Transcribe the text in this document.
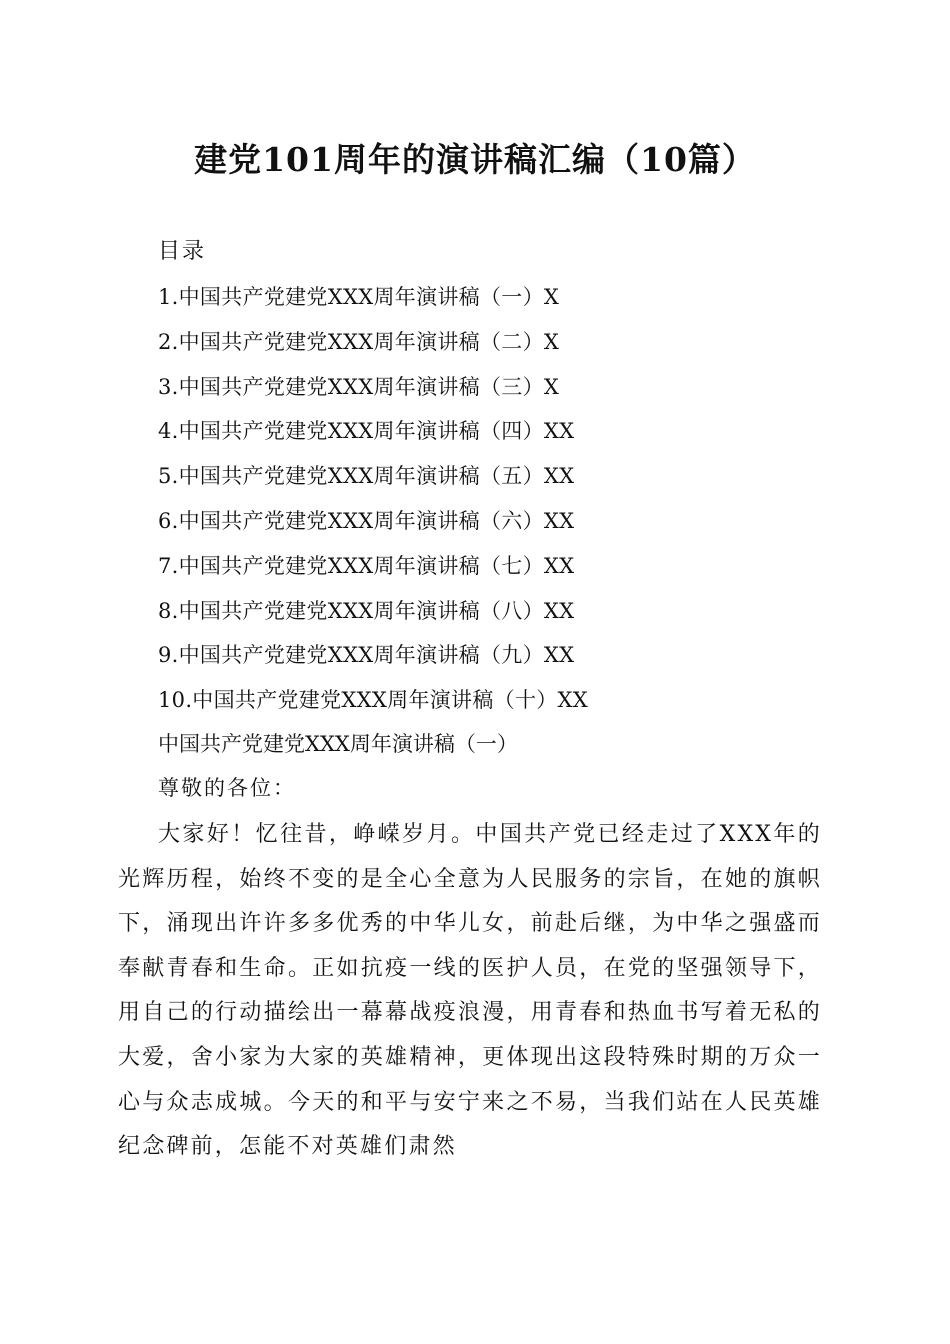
建党101周年的演讲稿汇编（10篇）
目录
1.中国共产党建党XXX周年演讲稿（一）X
2.中国共产党建党XXX周年演讲稿（二）X
3.中国共产党建党XXX周年演讲稿（三）X
4.中国共产党建党XXX周年演讲稿（四）XX
5.中国共产党建党XXX周年演讲稿（五）XX
6.中国共产党建党XXX周年演讲稿（六）XX
7.中国共产党建党XXX周年演讲稿（七）XX
8.中国共产党建党XXX周年演讲稿（八）XX
9.中国共产党建党XXX周年演讲稿（九）XX
10.中国共产党建党XXX周年演讲稿（十）XX
中国共产党建党XXX周年演讲稿（一）
尊敬的各位：

大家好！忆往昔，峥嵘岁月。中国共产党已经走过了XXX年的光辉历程，始终不变的是全心全意为人民服务的宗旨，在她的旗帜下，涌现出许许多多优秀的中华儿女，前赴后继，为中华之强盛而奉献青春和生命。正如抗疫一线的医护人员，在党的坚强领导下，用自己的行动描绘出一幕幕战疫浪漫，用青春和热血书写着无私的大爱，舍小家为大家的英雄精神，更体现出这段特殊时期的万众一心与众志成城。今天的和平与安宁来之不易，当我们站在人民英雄纪念碑前，怎能不对英雄们肃然
